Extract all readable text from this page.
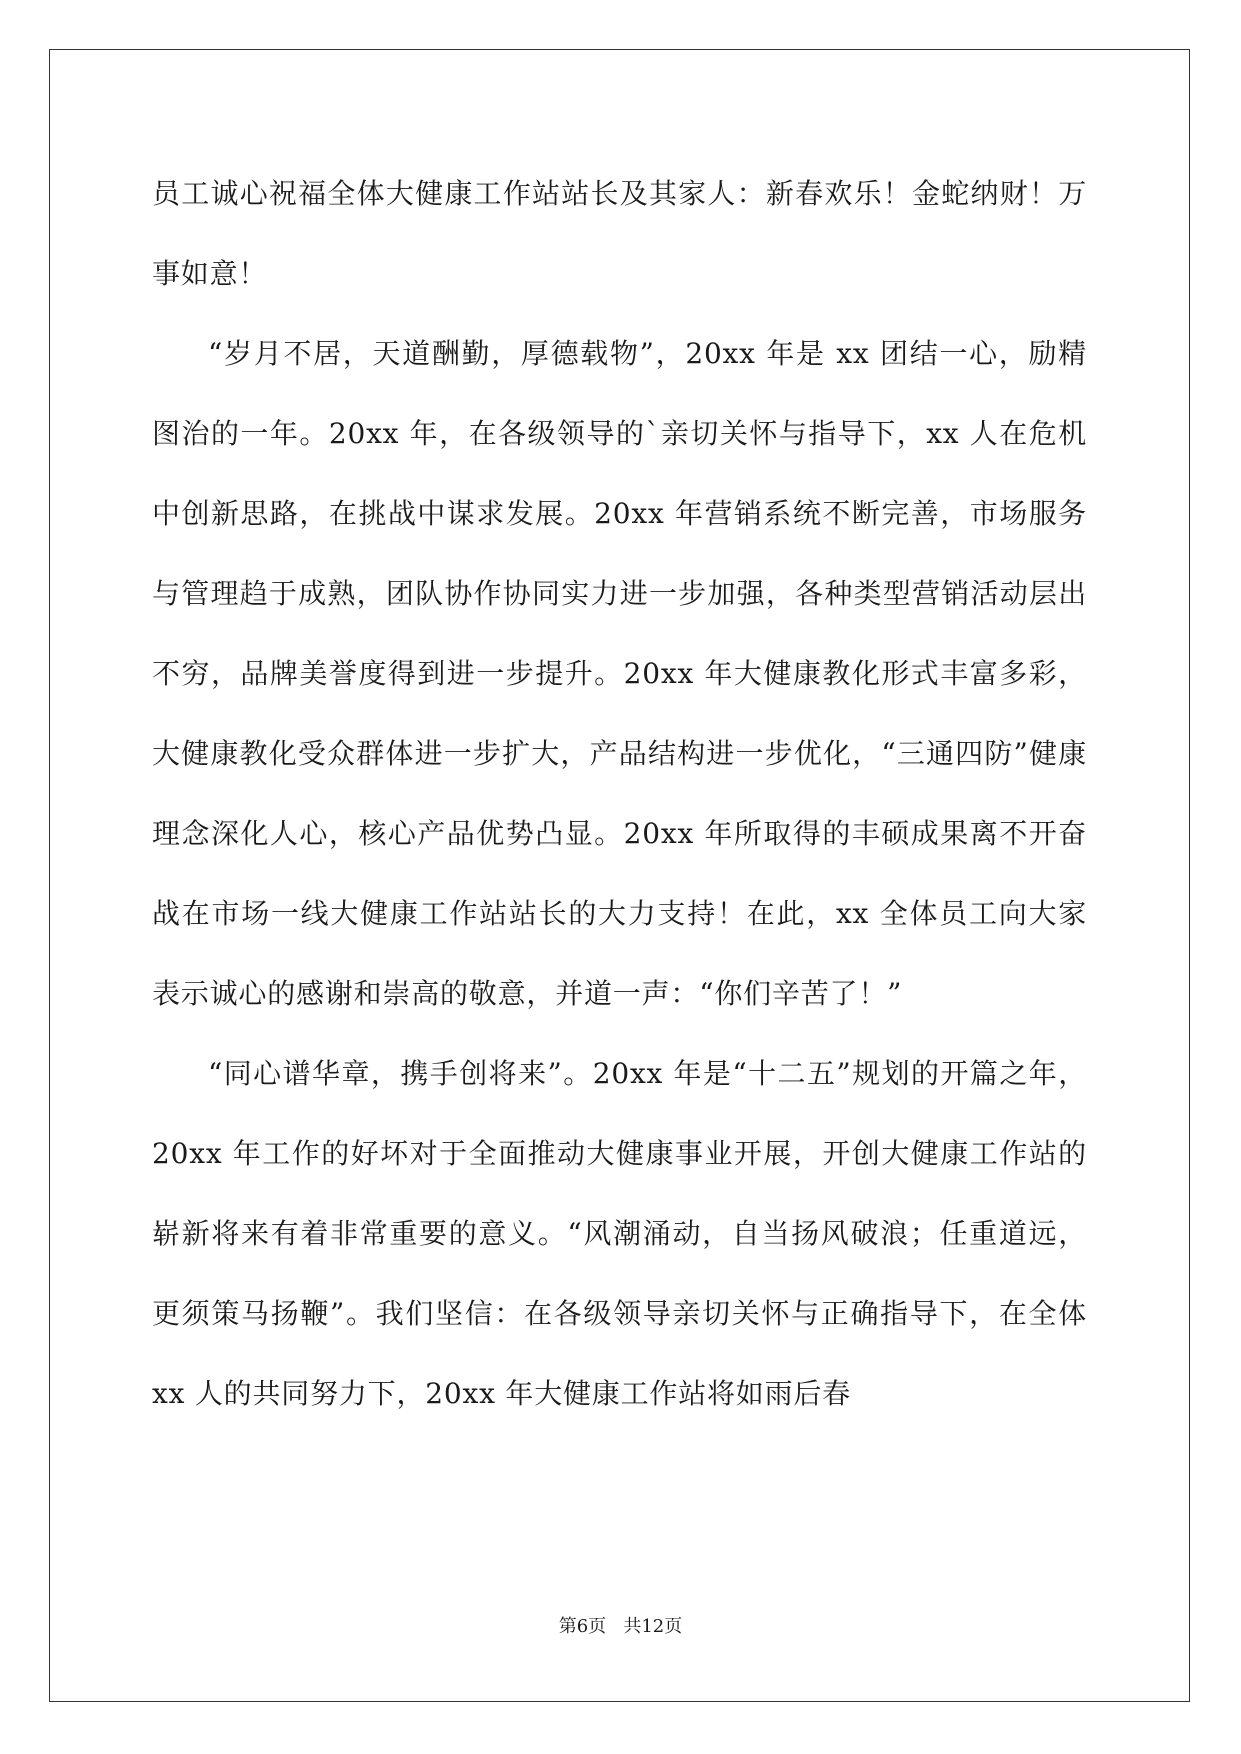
员工诚心祝福全体大健康工作站站长及其家人：新春欢乐！金蛇纳财！万事如意！

“岁月不居，天道酬勤，厚德载物”，20xx 年是 xx 团结一心，励精图治的一年。20xx 年，在各级领导的`亲切关怀与指导下，xx 人在危机中创新思路，在挑战中谋求发展。20xx 年营销系统不断完善，市场服务与管理趋于成熟，团队协作协同实力进一步加强，各种类型营销活动层出不穷，品牌美誉度得到进一步提升。20xx 年大健康教化形式丰富多彩，大健康教化受众群体进一步扩大，产品结构进一步优化，“三通四防”健康理念深化人心，核心产品优势凸显。20xx 年所取得的丰硕成果离不开奋战在市场一线大健康工作站站长的大力支持！在此，xx 全体员工向大家表示诚心的感谢和崇高的敬意，并道一声：“你们辛苦了！”

“同心谱华章，携手创将来”。20xx 年是“十二五”规划的开篇之年，20xx 年工作的好坏对于全面推动大健康事业开展，开创大健康工作站的崭新将来有着非常重要的意义。“风潮涌动，自当扬风破浪；任重道远，更须策马扬鞭”。我们坚信：在各级领导亲切关怀与正确指导下，在全体 xx 人的共同努力下，20xx 年大健康工作站将如雨后春

第6页   共12页
